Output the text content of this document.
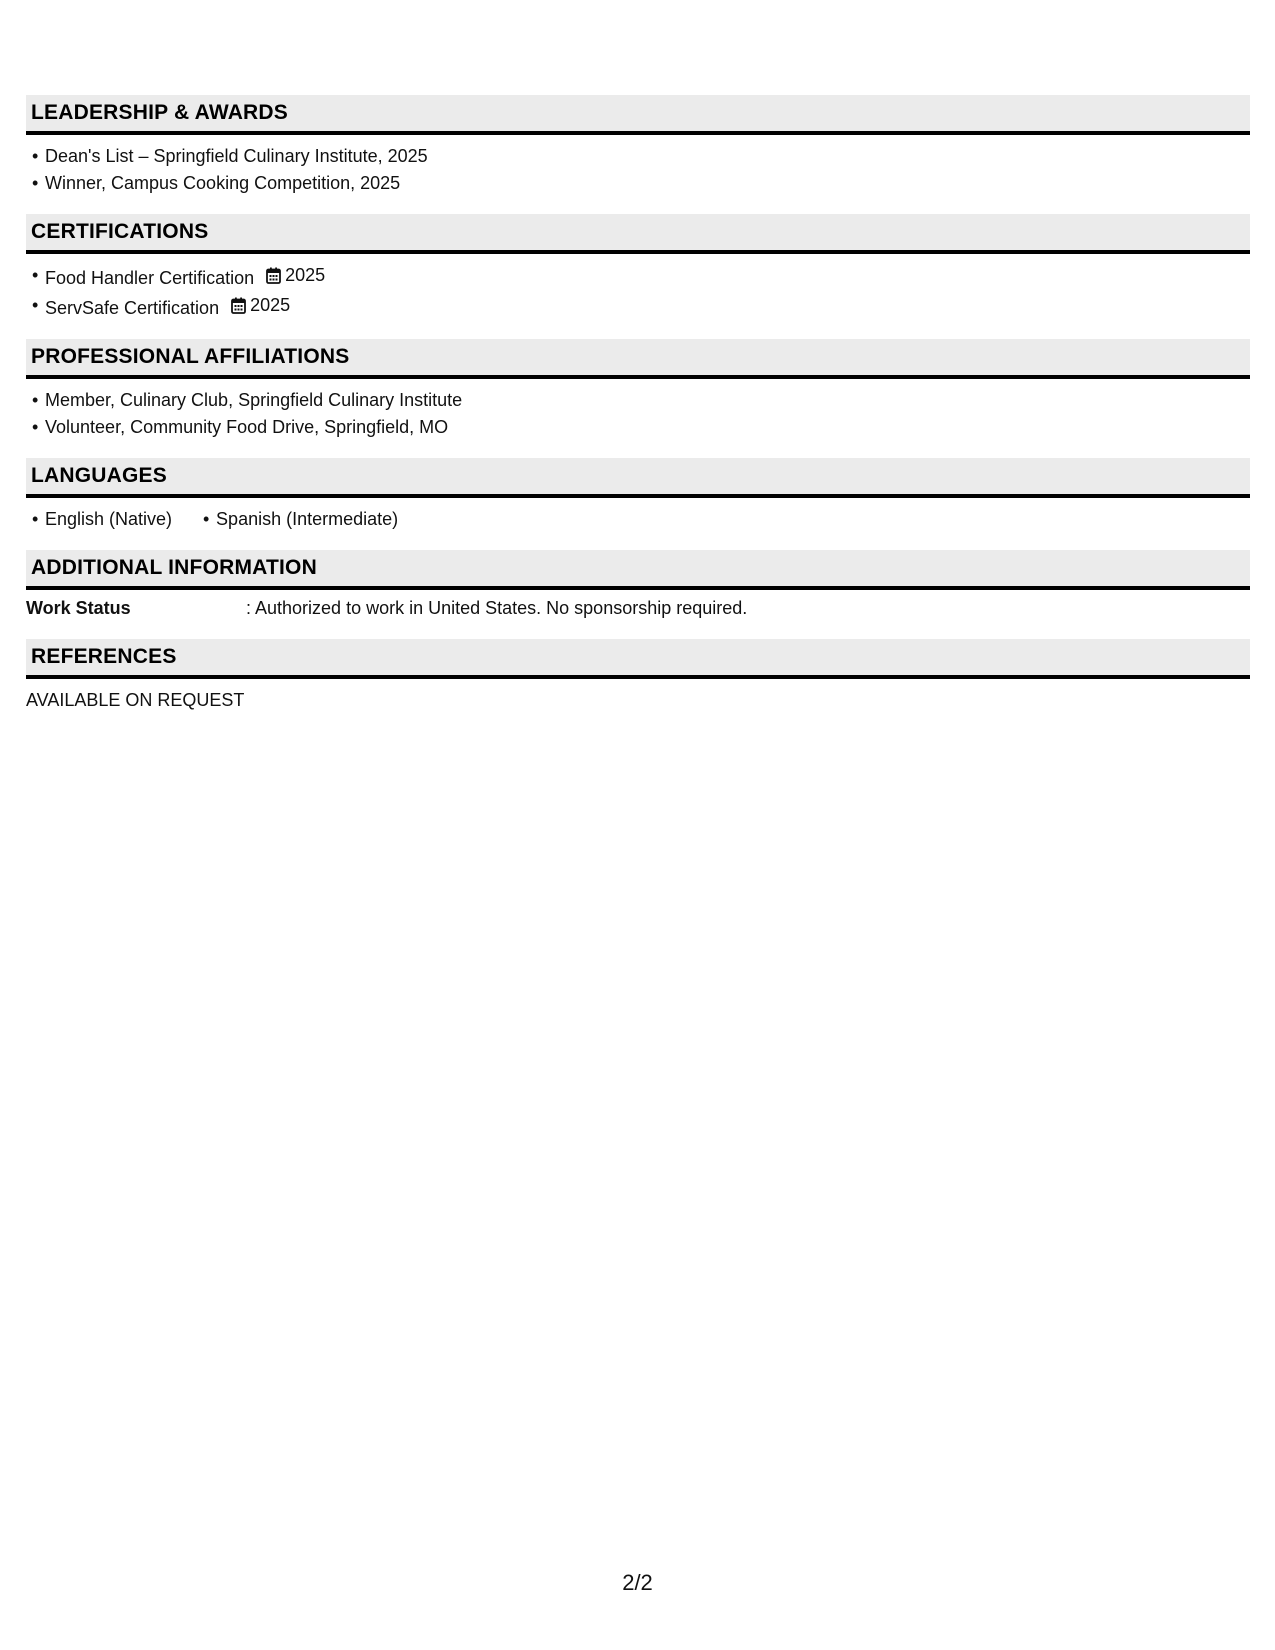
LEADERSHIP & AWARDS
• Dean's List – Springfield Culinary Institute, 2025
• Winner, Campus Cooking Competition, 2025
CERTIFICATIONS
• Food Handler Certification 2025
• ServSafe Certification 2025
PROFESSIONAL AFFILIATIONS
• Member, Culinary Club, Springfield Culinary Institute
• Volunteer, Community Food Drive, Springfield, MO
LANGUAGES
• English (Native) • Spanish (Intermediate)
ADDITIONAL INFORMATION
Work Status	: Authorized to work in United States. No sponsorship required.
REFERENCES
AVAILABLE ON REQUEST
2/2
